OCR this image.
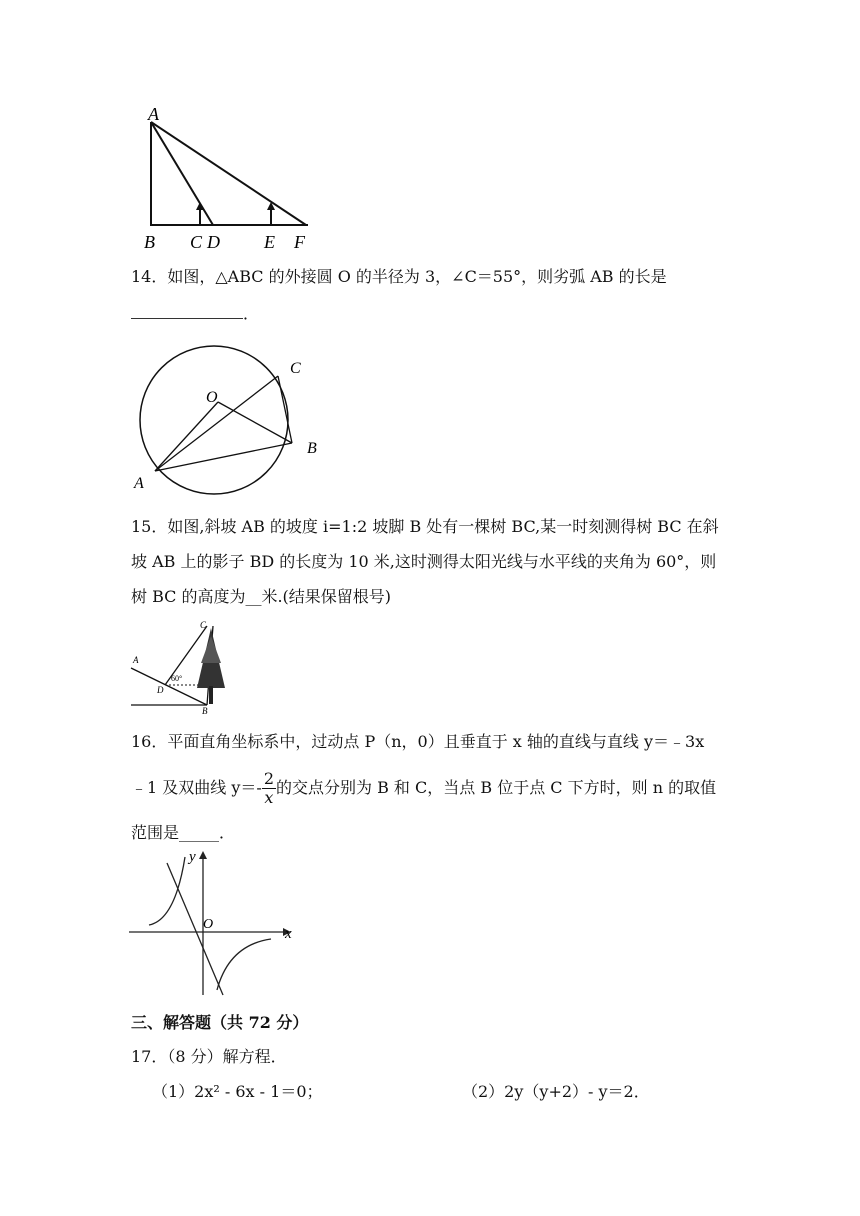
A
B C D E F
14．如图，△ABC 的外接圆 O 的半径为 3，∠C＝55°，则劣弧 AB 的长是
．
C
O
B
A
15．如图,斜坡 AB 的坡度 i=1:2 坡脚 B 处有一棵树 BC,某一时刻测得树 BC 在斜
坡 AB 上的影子 BD 的长度为 10 米,这时测得太阳光线与水平线的夹角为 60°，则
树 BC 的高度为__米.(结果保留根号)
C
A
D
B
60°
16．平面直角坐标系中，过动点 P（n，0）且垂直于 x 轴的直线与直线 y＝﹣3x
﹣1 及双曲线 $y=- \frac{2}{x}$ 的交点分别为 B 和 C，当点 B 位于点 C 下方时，则 n 的取值
范围是_____．
y
O
x
三、解答题（共 72 分）
17．（8 分）解方程．
（1）2x² - 6x - 1＝0；	（2）2y（y+2）- y＝2．
